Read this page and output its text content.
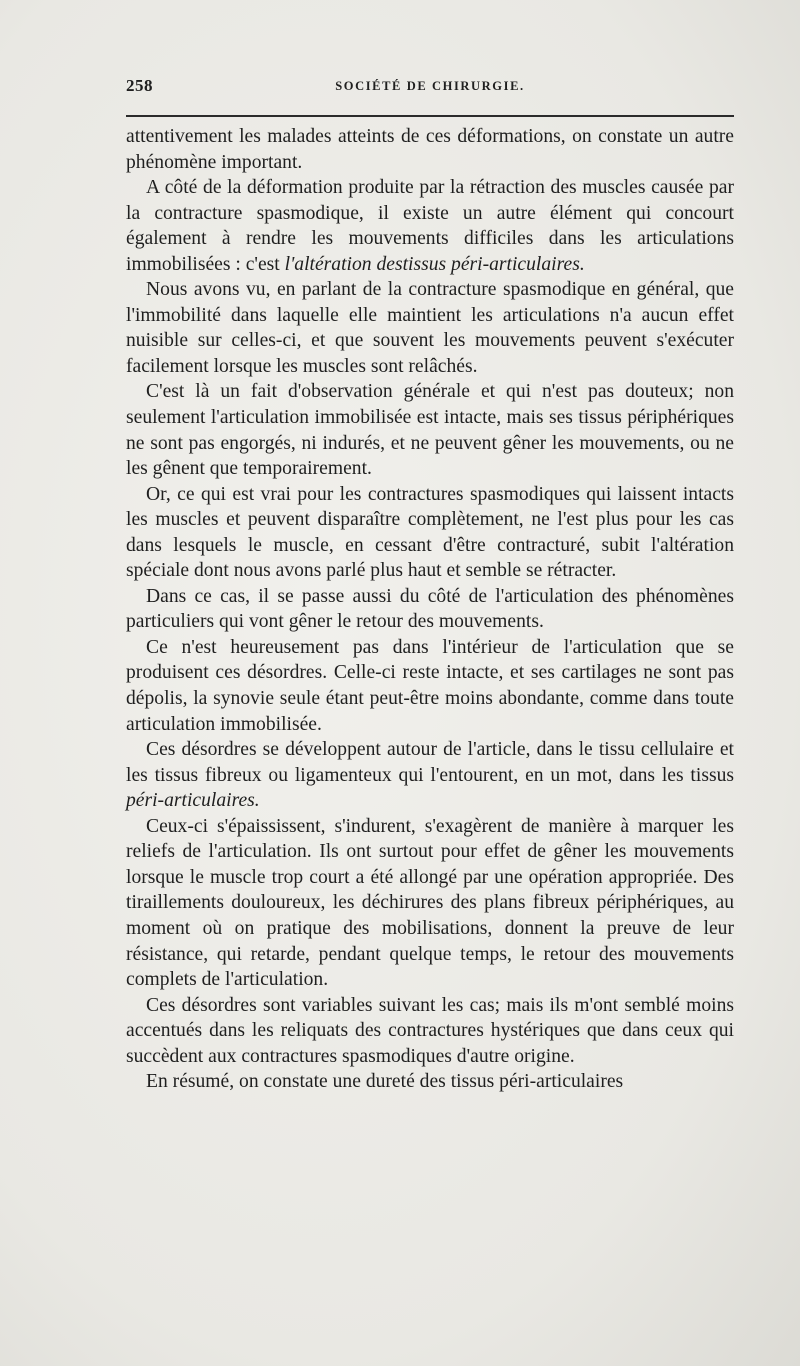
258	SOCIÉTÉ DE CHIRURGIE.

attentivement les malades atteints de ces déformations, on constate un autre phénomène important.

A côté de la déformation produite par la rétraction des muscles causée par la contracture spasmodique, il existe un autre élément qui concourt également à rendre les mouvements difficiles dans les articulations immobilisées : c'est l'altération destissus péri-articulaires.

Nous avons vu, en parlant de la contracture spasmodique en général, que l'immobilité dans laquelle elle maintient les articulations n'a aucun effet nuisible sur celles-ci, et que souvent les mouvements peuvent s'exécuter facilement lorsque les muscles sont relâchés.

C'est là un fait d'observation générale et qui n'est pas douteux; non seulement l'articulation immobilisée est intacte, mais ses tissus périphériques ne sont pas engorgés, ni indurés, et ne peuvent gêner les mouvements, ou ne les gênent que temporairement.

Or, ce qui est vrai pour les contractures spasmodiques qui laissent intacts les muscles et peuvent disparaître complètement, ne l'est plus pour les cas dans lesquels le muscle, en cessant d'être contracturé, subit l'altération spéciale dont nous avons parlé plus haut et semble se rétracter.

Dans ce cas, il se passe aussi du côté de l'articulation des phénomènes particuliers qui vont gêner le retour des mouvements.

Ce n'est heureusement pas dans l'intérieur de l'articulation que se produisent ces désordres. Celle-ci reste intacte, et ses cartilages ne sont pas dépolis, la synovie seule étant peut-être moins abondante, comme dans toute articulation immobilisée.

Ces désordres se développent autour de l'article, dans le tissu cellulaire et les tissus fibreux ou ligamenteux qui l'entourent, en un mot, dans les tissus péri-articulaires.

Ceux-ci s'épaississent, s'indurent, s'exagèrent de manière à marquer les reliefs de l'articulation. Ils ont surtout pour effet de gêner les mouvements lorsque le muscle trop court a été allongé par une opération appropriée. Des tiraillements douloureux, les déchirures des plans fibreux périphériques, au moment où on pratique des mobilisations, donnent la preuve de leur résistance, qui retarde, pendant quelque temps, le retour des mouvements complets de l'articulation.

Ces désordres sont variables suivant les cas; mais ils m'ont semblé moins accentués dans les reliquats des contractures hystériques que dans ceux qui succèdent aux contractures spasmodiques d'autre origine.

En résumé, on constate une dureté des tissus péri-articulaires
